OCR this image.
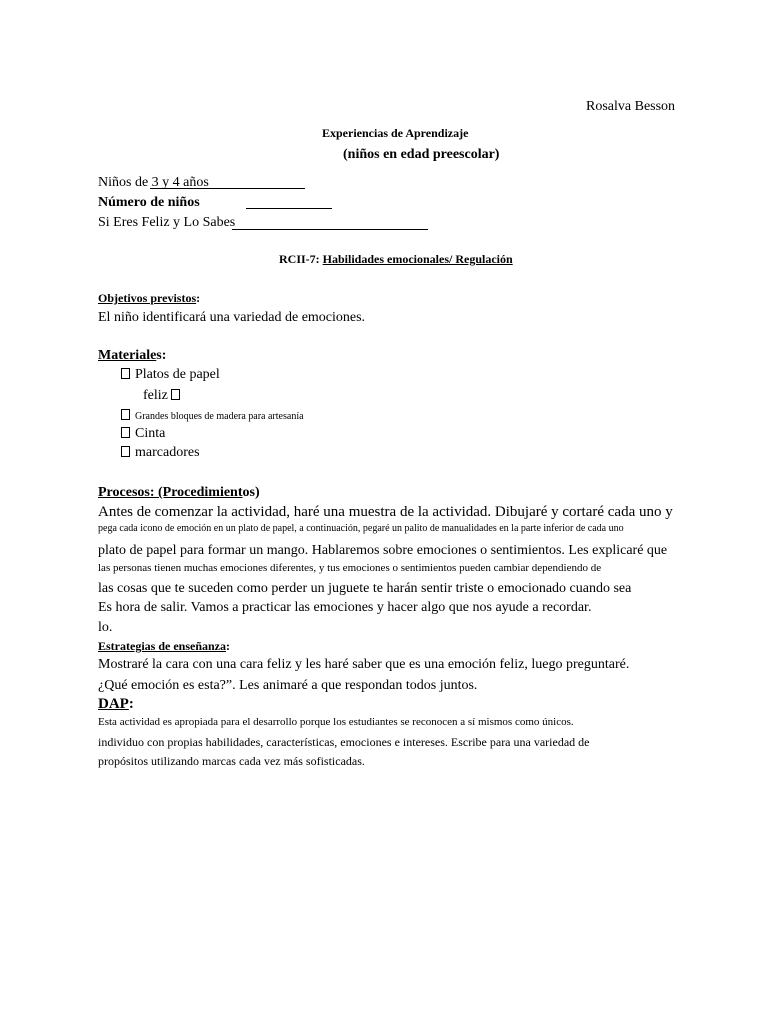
Rosalva Besson
Experiencias de Aprendizaje
(niños en edad preescolar)
Niños de 3 y 4 años
Número de niños
Si Eres Feliz y Lo Sabes
RCII-7: Habilidades emocionales/ Regulación
Objetivos previstos:
El niño identificará una variedad de emociones.
Materiales:
Platos de papel
feliz
Grandes bloques de madera para artesanía
Cinta
marcadores
Procesos: (Procedimientos)
Antes de comenzar la actividad, haré una muestra de la actividad. Dibujaré y cortaré cada uno y
pega cada icono de emoción en un plato de papel, a continuación, pegaré un palito de manualidades en la parte inferior de cada uno
plato de papel para formar un mango. Hablaremos sobre emociones o sentimientos. Les explicaré que
las personas tienen muchas emociones diferentes, y tus emociones o sentimientos pueden cambiar dependiendo de
las cosas que te suceden como perder un juguete te harán sentir triste o emocionado cuando sea
Es hora de salir. Vamos a practicar las emociones y hacer algo que nos ayude a recordar.
lo.
Estrategias de enseñanza:
Mostraré la cara con una cara feliz y les haré saber que es una emoción feliz, luego preguntaré.
¿Qué emoción es esta?”. Les animaré a que respondan todos juntos.
DAP:
Esta actividad es apropiada para el desarrollo porque los estudiantes se reconocen a sí mismos como únicos.
individuo con propias habilidades, características, emociones e intereses. Escribe para una variedad de
propósitos utilizando marcas cada vez más sofisticadas.
